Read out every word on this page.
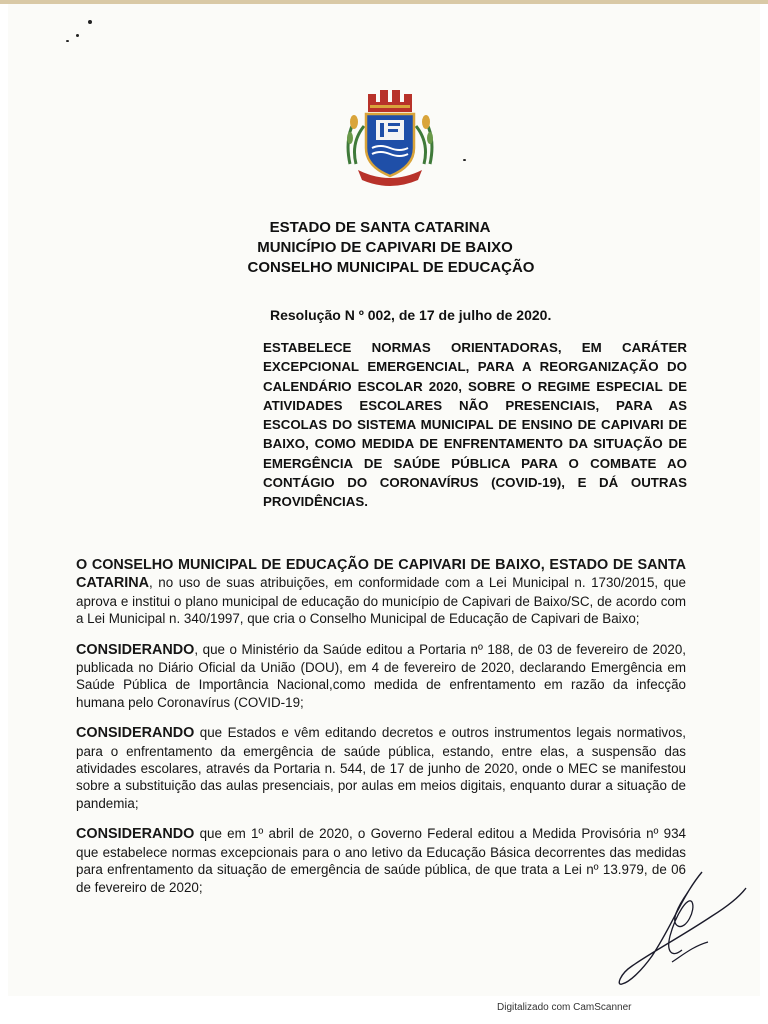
ESTADO DE SANTA CATARINA
MUNICÍPIO DE CAPIVARI DE BAIXO
CONSELHO MUNICIPAL DE EDUCAÇÃO
Resolução N º 002, de 17 de julho de 2020.
ESTABELECE NORMAS ORIENTADORAS, EM CARÁTER EXCEPCIONAL EMERGENCIAL, PARA A REORGANIZAÇÃO DO CALENDÁRIO ESCOLAR 2020, SOBRE O REGIME ESPECIAL DE ATIVIDADES ESCOLARES NÃO PRESENCIAIS, PARA AS ESCOLAS DO SISTEMA MUNICIPAL DE ENSINO DE CAPIVARI DE BAIXO, COMO MEDIDA DE ENFRENTAMENTO DA SITUAÇÃO DE EMERGÊNCIA DE SAÚDE PÚBLICA PARA O COMBATE AO CONTÁGIO DO CORONAVÍRUS (COVID-19), E DÁ OUTRAS PROVIDÊNCIAS.

O CONSELHO MUNICIPAL DE EDUCAÇÃO DE CAPIVARI DE BAIXO, ESTADO DE SANTA CATARINA, no uso de suas atribuições, em conformidade com a Lei Municipal n. 1730/2015, que aprova e institui o plano municipal de educação do município de Capivari de Baixo/SC, de acordo com a Lei Municipal n. 340/1997, que cria o Conselho Municipal de Educação de Capivari de Baixo;

CONSIDERANDO, que o Ministério da Saúde editou a Portaria nº 188, de 03 de fevereiro de 2020, publicada no Diário Oficial da União (DOU), em 4 de fevereiro de 2020, declarando Emergência em Saúde Pública de Importância Nacional,como medida de enfrentamento em razão da infecção humana pelo Coronavírus (COVID-19;

CONSIDERANDO que Estados e vêm editando decretos e outros instrumentos legais normativos, para o enfrentamento da emergência de saúde pública, estando, entre elas, a suspensão das atividades escolares, através da Portaria n. 544, de 17 de junho de 2020, onde o MEC se manifestou sobre a substituição das aulas presenciais, por aulas em meios digitais, enquanto durar a situação de pandemia;

CONSIDERANDO que em 1º abril de 2020, o Governo Federal editou a Medida Provisória nº 934 que estabelece normas excepcionais para o ano letivo da Educação Básica decorrentes das medidas para enfrentamento da situação de emergência de saúde pública, de que trata a Lei nº 13.979, de 06 de fevereiro de 2020;

Digitalizado com CamScanner
